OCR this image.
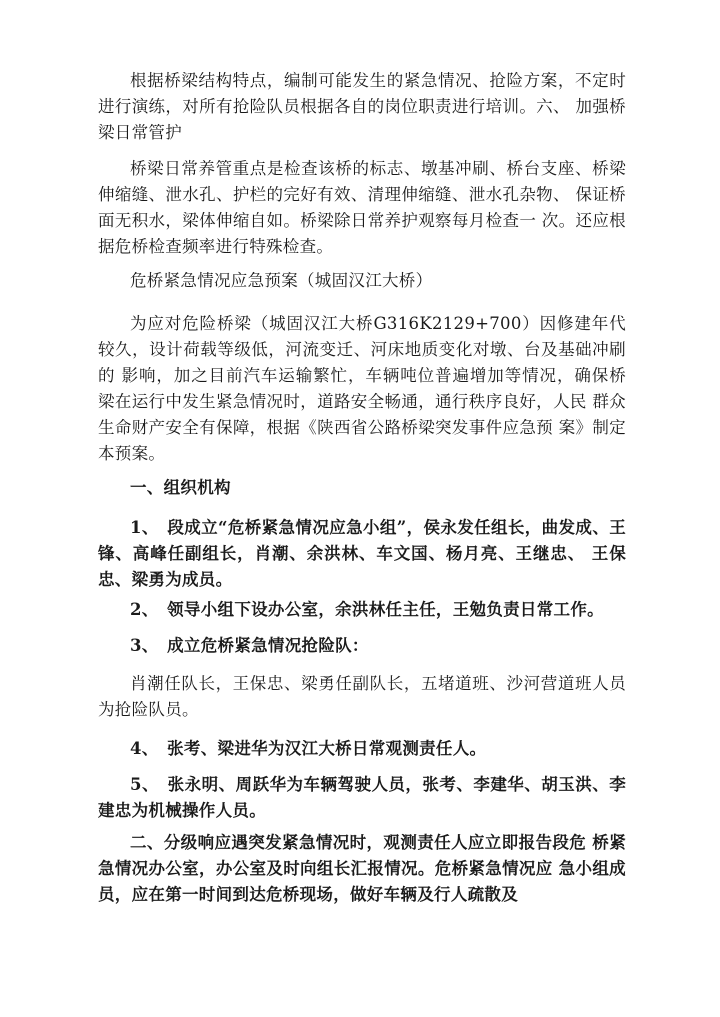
根据桥梁结构特点，编制可能发生的紧急情况、抢险方案，不定时进行演练，对所有抢险队员根据各自的岗位职责进行培训。六、 加强桥梁日常管护

桥梁日常养管重点是检查该桥的标志、墩基冲刷、桥台支座、桥梁伸缩缝、泄水孔、护栏的完好有效、清理伸缩缝、泄水孔杂物、 保证桥面无积水，梁体伸缩自如。桥梁除日常养护观察每月检查一 次。还应根据危桥检查频率进行特殊检查。

危桥紧急情况应急预案（城固汉江大桥）

为应对危险桥梁（城固汉江大桥G316K2129+700）因修建年代较久，设计荷载等级低，河流变迁、河床地质变化对墩、台及基础冲刷的 影响，加之目前汽车运输繁忙，车辆吨位普遍增加等情况，确保桥 梁在运行中发生紧急情况时，道路安全畅通，通行秩序良好，人民 群众生命财产安全有保障，根据《陕西省公路桥梁突发事件应急预 案》制定本预案。

一、组织机构

1、　段成立“危桥紧急情况应急小组”，侯永发任组长，曲发成、王锋、高峰任副组长，肖潮、余洪林、车文国、杨月亮、王继忠、 王保忠、梁勇为成员。

2、　领导小组下设办公室，余洪林任主任，王勉负责日常工作。

3、　成立危桥紧急情况抢险队：

肖潮任队长，王保忠、梁勇任副队长，五堵道班、沙河营道班人员为抢险队员。

4、　张考、梁进华为汉江大桥日常观测责任人。

5、　张永明、周跃华为车辆驾驶人员，张考、李建华、胡玉洪、李建忠为机械操作人员。

二、分级响应遇突发紧急情况时，观测责任人应立即报告段危 桥紧急情况办公室，办公室及时向组长汇报情况。危桥紧急情况应 急小组成员，应在第一时间到达危桥现场，做好车辆及行人疏散及
